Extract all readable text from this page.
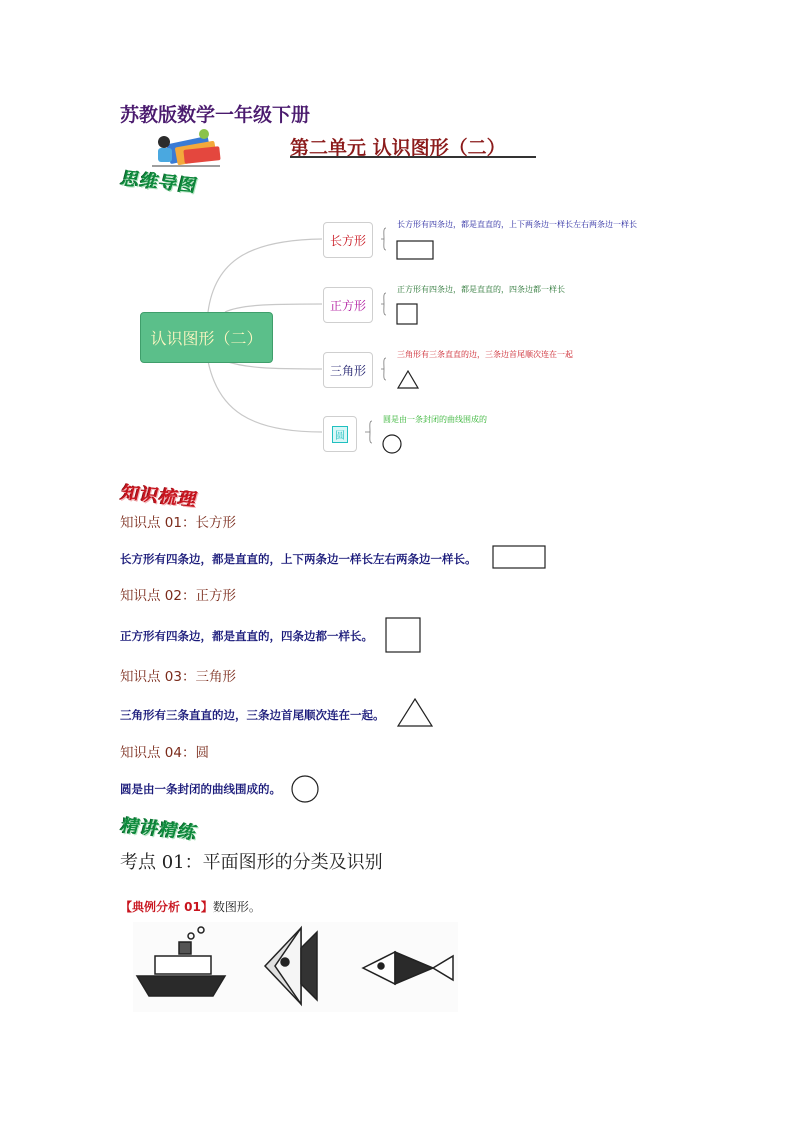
苏教版数学一年级下册
第二单元 认识图形（二）
思维导图
认识图形（二）
长方形
正方形
三角形
圆
长方形有四条边，都是直直的，上下两条边一样长左右两条边一样长
正方形有四条边，都是直直的，四条边都一样长
三角形有三条直直的边，三条边首尾顺次连在一起
圆是由一条封闭的曲线围成的
知识梳理
知识点 01：长方形
长方形有四条边，都是直直的，上下两条边一样长左右两条边一样长。
知识点 02：正方形
正方形有四条边，都是直直的，四条边都一样长。
知识点 03：三角形
三角形有三条直直的边，三条边首尾顺次连在一起。
知识点 04：圆
圆是由一条封闭的曲线围成的。
精讲精练
考点 01：平面图形的分类及识别
【典例分析 01】数图形。
